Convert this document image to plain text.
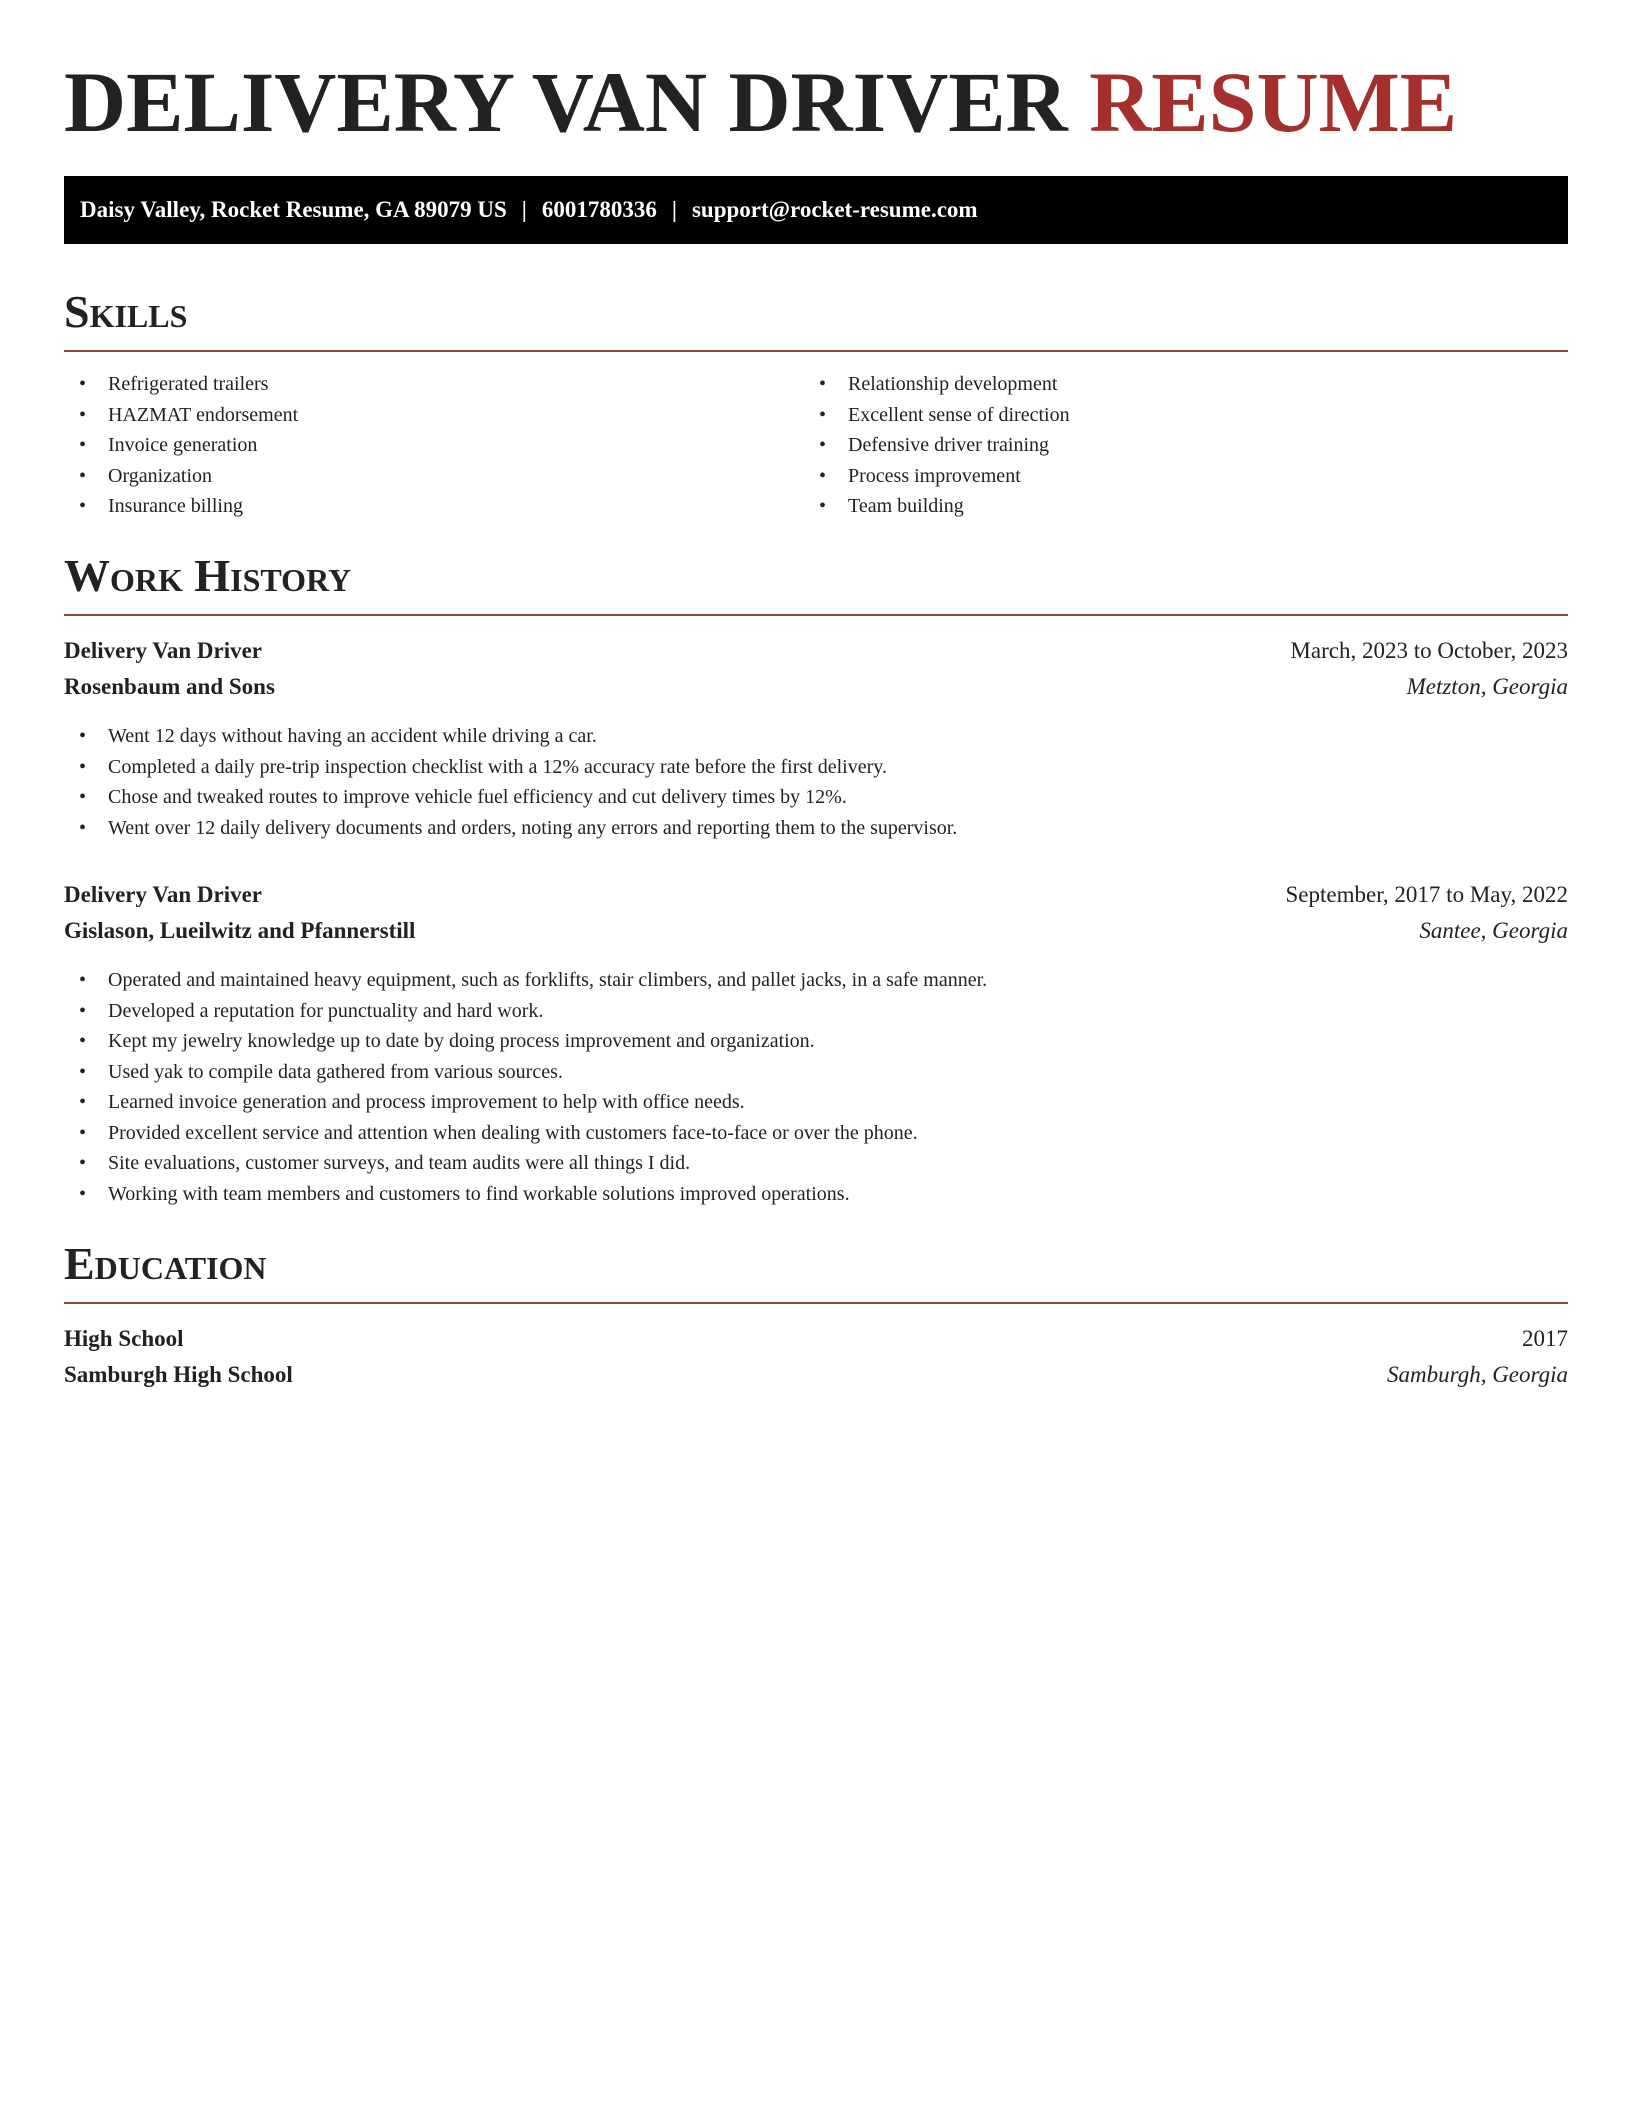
DELIVERY VAN DRIVER RESUME
Daisy Valley, Rocket Resume, GA 89079 US | 6001780336 | support@rocket-resume.com
Skills
• Refrigerated trailers
• HAZMAT endorsement
• Invoice generation
• Organization
• Insurance billing
• Relationship development
• Excellent sense of direction
• Defensive driver training
• Process improvement
• Team building
Work History
Delivery Van Driver	March, 2023 to October, 2023
Rosenbaum and Sons	Metzton, Georgia
• Went 12 days without having an accident while driving a car.
• Completed a daily pre-trip inspection checklist with a 12% accuracy rate before the first delivery.
• Chose and tweaked routes to improve vehicle fuel efficiency and cut delivery times by 12%.
• Went over 12 daily delivery documents and orders, noting any errors and reporting them to the supervisor.
Delivery Van Driver	September, 2017 to May, 2022
Gislason, Lueilwitz and Pfannerstill	Santee, Georgia
• Operated and maintained heavy equipment, such as forklifts, stair climbers, and pallet jacks, in a safe manner.
• Developed a reputation for punctuality and hard work.
• Kept my jewelry knowledge up to date by doing process improvement and organization.
• Used yak to compile data gathered from various sources.
• Learned invoice generation and process improvement to help with office needs.
• Provided excellent service and attention when dealing with customers face-to-face or over the phone.
• Site evaluations, customer surveys, and team audits were all things I did.
• Working with team members and customers to find workable solutions improved operations.
Education
High School	2017
Samburgh High School	Samburgh, Georgia
